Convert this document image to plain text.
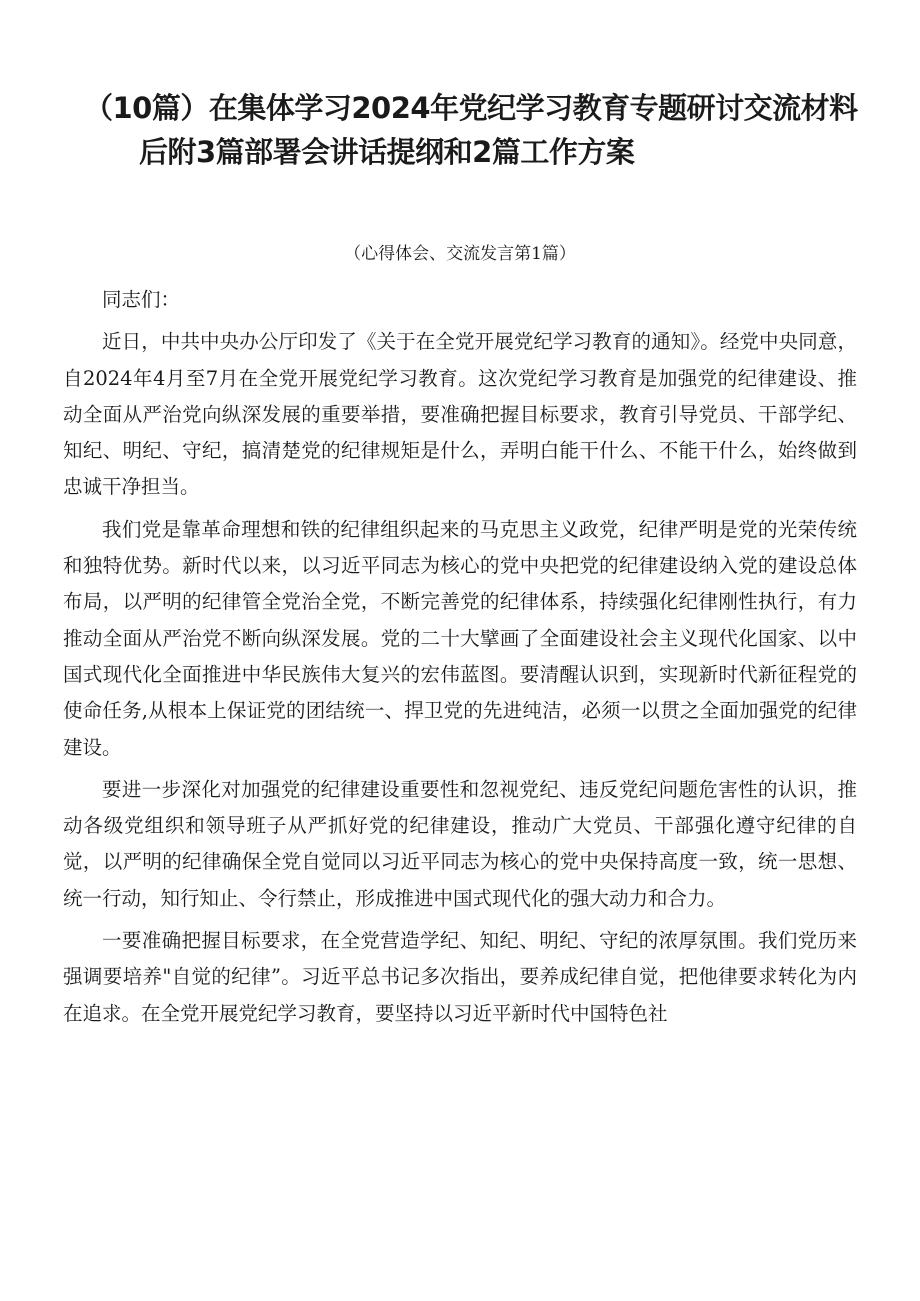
（10篇）在集体学习2024年党纪学习教育专题研讨交流材料
后附3篇部署会讲话提纲和2篇工作方案
（心得体会、交流发言第1篇）

同志们：

近日，中共中央办公厅印发了《关于在全党开展党纪学习教育的通知》。经党中央同意，自2024年4月至7月在全党开展党纪学习教育。这次党纪学习教育是加强党的纪律建设、推动全面从严治党向纵深发展的重要举措，要准确把握目标要求，教育引导党员、干部学纪、知纪、明纪、守纪，搞清楚党的纪律规矩是什么，弄明白能干什么、不能干什么，始终做到忠诚干净担当。

我们党是靠革命理想和铁的纪律组织起来的马克思主义政党，纪律严明是党的光荣传统和独特优势。新时代以来，以习近平同志为核心的党中央把党的纪律建设纳入党的建设总体布局，以严明的纪律管全党治全党，不断完善党的纪律体系，持续强化纪律刚性执行，有力推动全面从严治党不断向纵深发展。党的二十大擘画了全面建设社会主义现代化国家、以中国式现代化全面推进中华民族伟大复兴的宏伟蓝图。要清醒认识到，实现新时代新征程党的使命任务,从根本上保证党的团结统一、捍卫党的先进纯洁，必须一以贯之全面加强党的纪律建设。

要进一步深化对加强党的纪律建设重要性和忽视党纪、违反党纪问题危害性的认识，推动各级党组织和领导班子从严抓好党的纪律建设，推动广大党员、干部强化遵守纪律的自觉，以严明的纪律确保全党自觉同以习近平同志为核心的党中央保持高度一致，统一思想、统一行动，知行知止、令行禁止，形成推进中国式现代化的强大动力和合力。

一要准确把握目标要求，在全党营造学纪、知纪、明纪、守纪的浓厚氛围。我们党历来强调要培养"自觉的纪律”。习近平总书记多次指出，要养成纪律自觉，把他律要求转化为内在追求。在全党开展党纪学习教育，要坚持以习近平新时代中国特色社
